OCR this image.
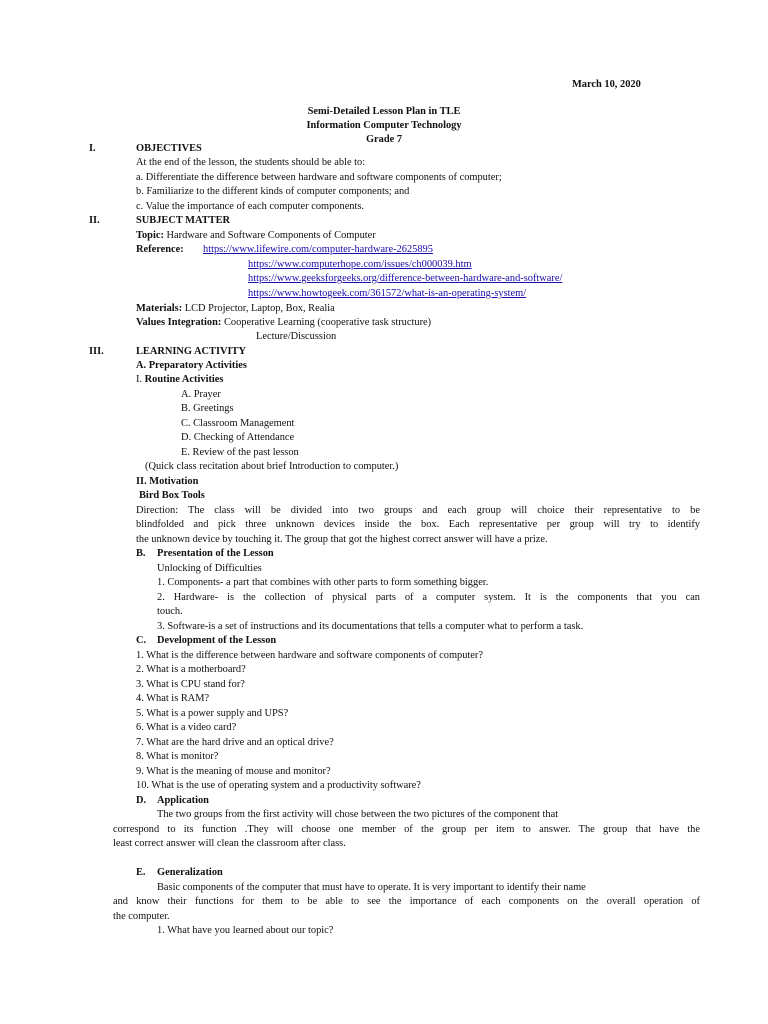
March 10, 2020
Semi-Detailed Lesson Plan in TLE
Information Computer Technology
Grade 7
I.	OBJECTIVES
At the end of the lesson, the students should be able to:
a. Differentiate the difference between hardware and software components of computer;
b. Familiarize to the different kinds of computer components; and
c. Value the importance of each computer components.
II.	SUBJECT MATTER
Topic: Hardware and Software Components of Computer
Reference: https://www.lifewire.com/computer-hardware-2625895
https://www.computerhope.com/issues/ch000039.htm
https://www.geeksforgeeks.org/difference-between-hardware-and-software/
https://www.howtogeek.com/361572/what-is-an-operating-system/
Materials: LCD Projector, Laptop, Box, Realia
Values Integration: Cooperative Learning (cooperative task structure)
Lecture/Discussion
III.	LEARNING ACTIVITY
A. Preparatory Activities
I. Routine Activities
A. Prayer
B. Greetings
C. Classroom Management
D. Checking of Attendance
E. Review of the past lesson
(Quick class recitation about brief Introduction to computer.)
II. Motivation
Bird Box Tools
Direction: The class will be divided into two groups and each group will choice their representative to be
blindfolded and pick three unknown devices inside the box. Each representative per group will try to identify
the unknown device by touching it. The group that got the highest correct answer will have a prize.
B. Presentation of the Lesson
Unlocking of Difficulties
1. Components- a part that combines with other parts to form something bigger.
2. Hardware- is the collection of physical parts of a computer system. It is the components that you can
touch.
3. Software-is a set of instructions and its documentations that tells a computer what to perform a task.
C. Development of the Lesson
1. What is the difference between hardware and software components of computer?
2. What is a motherboard?
3. What is CPU stand for?
4. What is RAM?
5. What is a power supply and UPS?
6. What is a video card?
7. What are the hard drive and an optical drive?
8. What is monitor?
9. What is the meaning of mouse and monitor?
10. What is the use of operating system and a productivity software?
D. Application
The two groups from the first activity will chose between the two pictures of the component that
correspond to its function .They will choose one member of the group per item to answer. The group that have the
least correct answer will clean the classroom after class.
E. Generalization
Basic components of the computer that must have to operate. It is very important to identify their name
and know their functions for them to be able to see the importance of each components on the overall operation of
the computer.
1. What have you learned about our topic?
